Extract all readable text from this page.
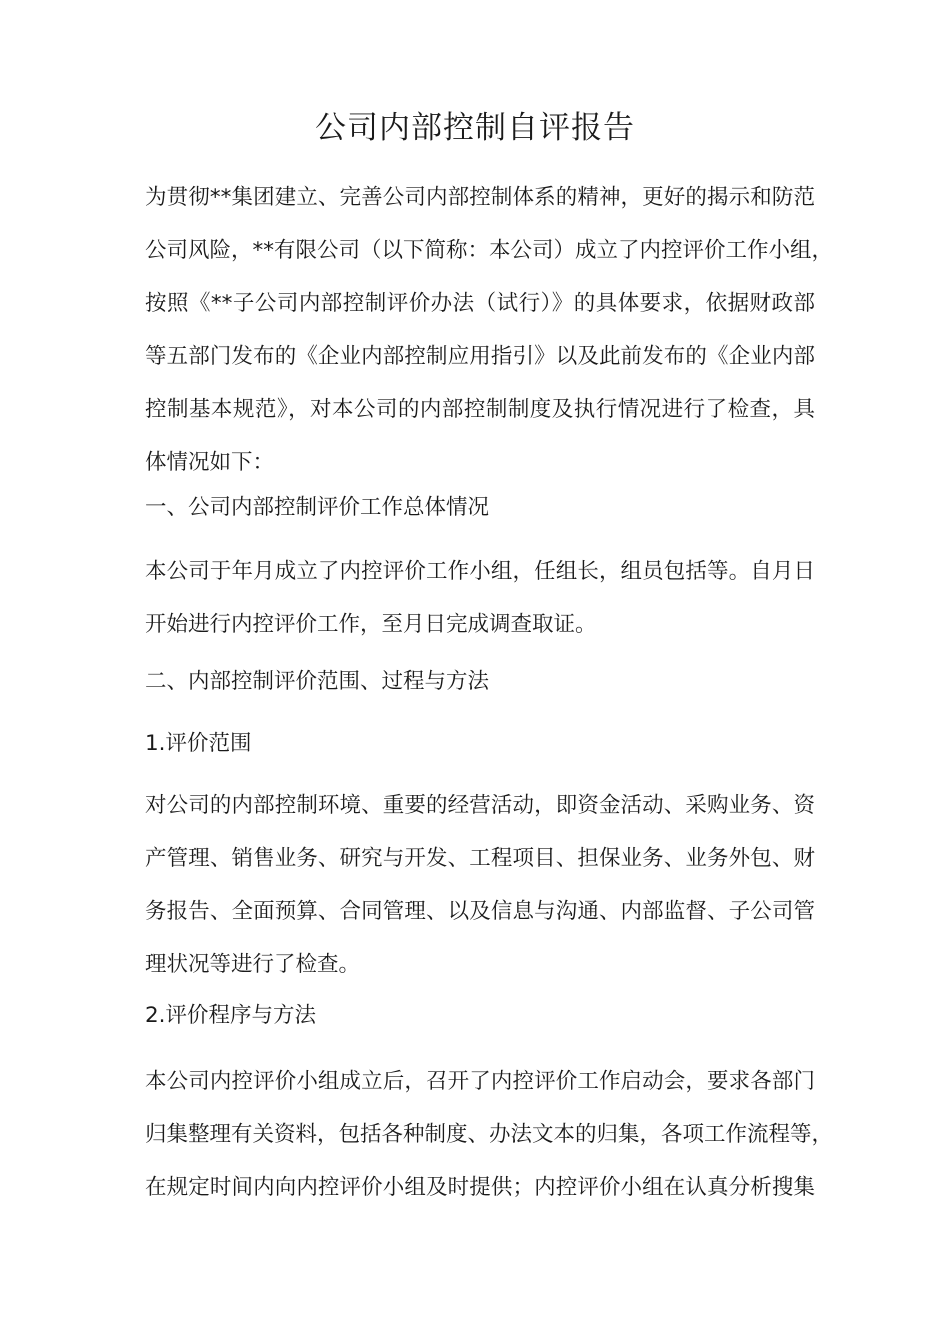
公司内部控制自评报告
为贯彻**集团建立、完善公司内部控制体系的精神，更好的揭示和防范
公司风险，**有限公司（以下简称：本公司）成立了内控评价工作小组，
按照《**子公司内部控制评价办法（试行）》的具体要求，依据财政部
等五部门发布的《企业内部控制应用指引》以及此前发布的《企业内部
控制基本规范》，对本公司的内部控制制度及执行情况进行了检查，具
体情况如下：
一、公司内部控制评价工作总体情况
本公司于年月成立了内控评价工作小组，任组长，组员包括等。自月日
开始进行内控评价工作，至月日完成调查取证。
二、内部控制评价范围、过程与方法
1.评价范围
对公司的内部控制环境、重要的经营活动，即资金活动、采购业务、资
产管理、销售业务、研究与开发、工程项目、担保业务、业务外包、财
务报告、全面预算、合同管理、以及信息与沟通、内部监督、子公司管
理状况等进行了检查。
2.评价程序与方法
本公司内控评价小组成立后，召开了内控评价工作启动会，要求各部门
归集整理有关资料，包括各种制度、办法文本的归集，各项工作流程等，
在规定时间内向内控评价小组及时提供；内控评价小组在认真分析搜集
